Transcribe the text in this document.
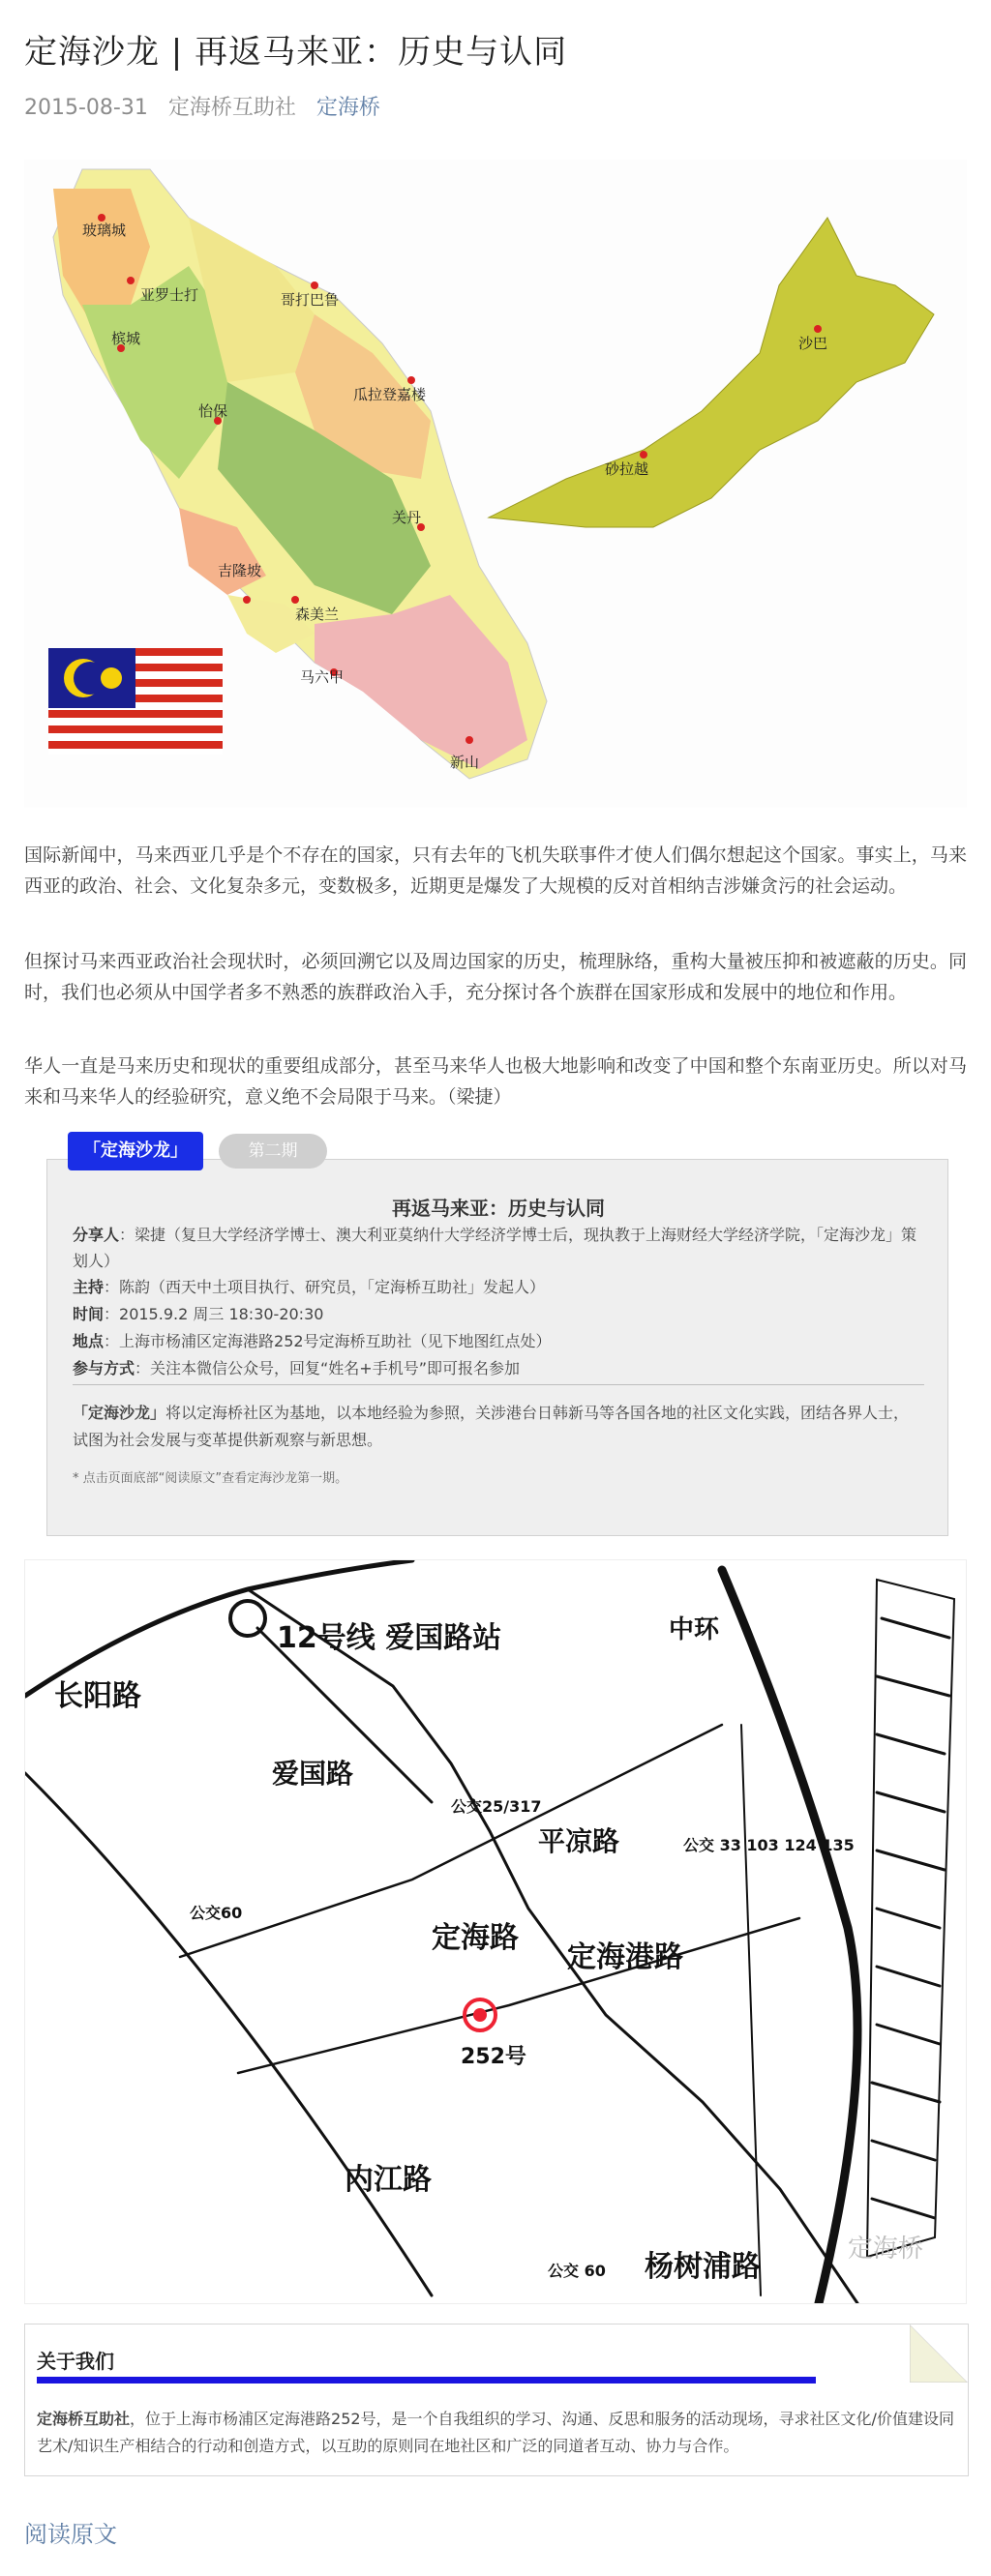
定海沙龙 | 再返马来亚：历史与认同
2015-08-31 定海桥互助社 定海桥
玻璃城
亚罗士打
槟城
哥打巴鲁
瓜拉登嘉楼
怡保
关丹
吉隆坡
森美兰
马六甲
新山
沙巴
砂拉越
国际新闻中，马来西亚几乎是个不存在的国家，只有去年的飞机失联事件才使人们偶尔想起这个国家。事实上，马来西亚的政治、社会、文化复杂多元，变数极多，近期更是爆发了大规模的反对首相纳吉涉嫌贪污的社会运动。
但探讨马来西亚政治社会现状时，必须回溯它以及周边国家的历史，梳理脉络，重构大量被压抑和被遮蔽的历史。同时，我们也必须从中国学者多不熟悉的族群政治入手，充分探讨各个族群在国家形成和发展中的地位和作用。
华人一直是马来历史和现状的重要组成部分，甚至马来华人也极大地影响和改变了中国和整个东南亚历史。所以对马来和马来华人的经验研究，意义绝不会局限于马来。（梁捷）
再返马来亚：历史与认同
分享人：梁捷（复旦大学经济学博士、澳大利亚莫纳什大学经济学博士后，现执教于上海财经大学经济学院，「定海沙龙」策划人）
主持：陈韵（西天中土项目执行、研究员，「定海桥互助社」发起人）
时间：2015.9.2 周三 18:30-20:30
地点：上海市杨浦区定海港路252号定海桥互助社（见下地图红点处）
参与方式：关注本微信公众号，回复“姓名+手机号”即可报名参加
「定海沙龙」将以定海桥社区为基地，以本地经验为参照，关涉港台日韩新马等各国各地的社区文化实践，团结各界人士，试图为社会发展与变革提供新观察与新思想。
* 点击页面底部“阅读原文”查看定海沙龙第一期。
「定海沙龙」	第二期
12号线 爱国路站	中环
长阳路
爱国路
平凉路
定海路
定海港路
内江路
杨树浦路
公交25/317
公交60
公交 33 103 124 135
公交 60
252号
定海桥
关于我们
定海桥互助社，位于上海市杨浦区定海港路252号，是一个自我组织的学习、沟通、反思和服务的活动现场，寻求社区文化/价值建设同艺术/知识生产相结合的行动和创造方式，以互助的原则同在地社区和广泛的同道者互动、协力与合作。
阅读原文
